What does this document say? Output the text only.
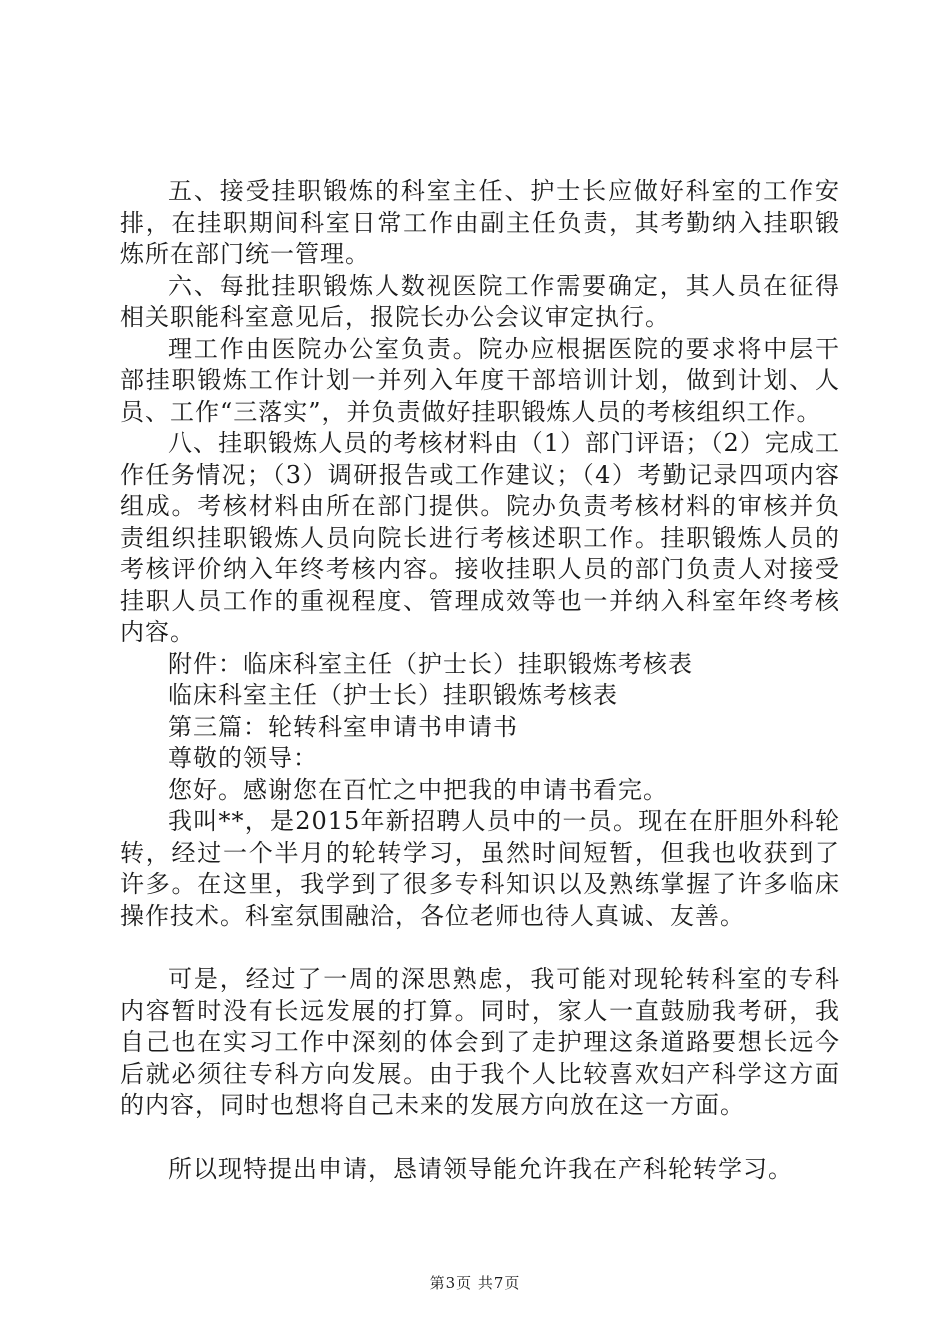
五、接受挂职锻炼的科室主任、护士长应做好科室的工作安排，在挂职期间科室日常工作由副主任负责，其考勤纳入挂职锻炼所在部门统一管理。

六、每批挂职锻炼人数视医院工作需要确定，其人员在征得相关职能科室意见后，报院长办公会议审定执行。

理工作由医院办公室负责。院办应根据医院的要求将中层干部挂职锻炼工作计划一并列入年度干部培训计划，做到计划、人员、工作“三落实”，并负责做好挂职锻炼人员的考核组织工作。

八、挂职锻炼人员的考核材料由（1）部门评语；（2）完成工作任务情况；（3）调研报告或工作建议；（4）考勤记录四项内容组成。考核材料由所在部门提供。院办负责考核材料的审核并负责组织挂职锻炼人员向院长进行考核述职工作。挂职锻炼人员的考核评价纳入年终考核内容。接收挂职人员的部门负责人对接受挂职人员工作的重视程度、管理成效等也一并纳入科室年终考核内容。

附件：临床科室主任（护士长）挂职锻炼考核表

临床科室主任（护士长）挂职锻炼考核表

第三篇：轮转科室申请书申请书

尊敬的领导：

您好。感谢您在百忙之中把我的申请书看完。

我叫**，是2015年新招聘人员中的一员。现在在肝胆外科轮转，经过一个半月的轮转学习，虽然时间短暂，但我也收获到了许多。在这里，我学到了很多专科知识以及熟练掌握了许多临床操作技术。科室氛围融洽，各位老师也待人真诚、友善。

可是，经过了一周的深思熟虑，我可能对现轮转科室的专科内容暂时没有长远发展的打算。同时，家人一直鼓励我考研，我自己也在实习工作中深刻的体会到了走护理这条道路要想长远今后就必须往专科方向发展。由于我个人比较喜欢妇产科学这方面的内容，同时也想将自己未来的发展方向放在这一方面。

所以现特提出申请，恳请领导能允许我在产科轮转学习。

第3页 共7页
